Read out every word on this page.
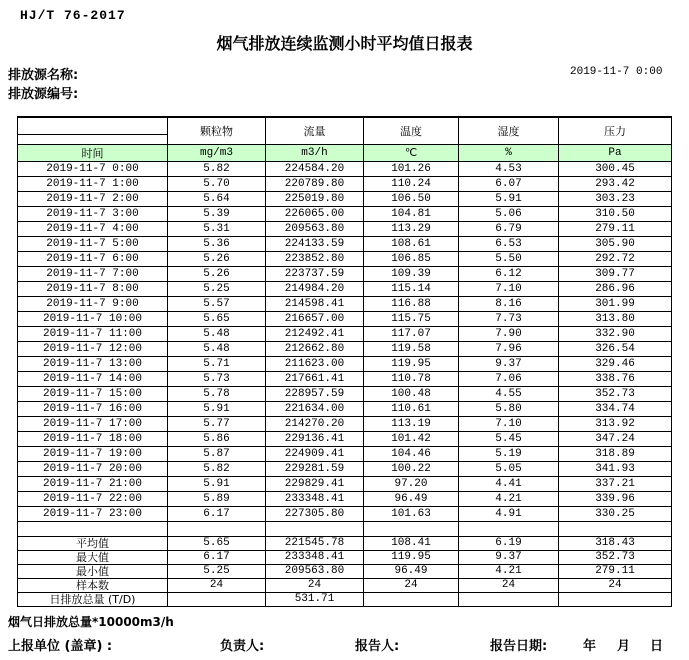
HJ/T 76-2017
烟气排放连续监测小时平均值日报表
排放源名称:
排放源编号:
2019-11-7 0:00
	颗粒物	流量	温度	湿度	压力

时间	mg/m3	m3/h	℃	%	Pa
2019-11-7 0:00	5.82	224584.20	101.26	4.53	300.45
2019-11-7 1:00	5.70	220789.80	110.24	6.07	293.42
2019-11-7 2:00	5.64	225019.80	106.50	5.91	303.23
2019-11-7 3:00	5.39	226065.00	104.81	5.06	310.50
2019-11-7 4:00	5.31	209563.80	113.29	6.79	279.11
2019-11-7 5:00	5.36	224133.59	108.61	6.53	305.90
2019-11-7 6:00	5.26	223852.80	106.85	5.50	292.72
2019-11-7 7:00	5.26	223737.59	109.39	6.12	309.77
2019-11-7 8:00	5.25	214984.20	115.14	7.10	286.96
2019-11-7 9:00	5.57	214598.41	116.88	8.16	301.99
2019-11-7 10:00	5.65	216657.00	115.75	7.73	313.80
2019-11-7 11:00	5.48	212492.41	117.07	7.90	332.90
2019-11-7 12:00	5.48	212662.80	119.58	7.96	326.54
2019-11-7 13:00	5.71	211623.00	119.95	9.37	329.46
2019-11-7 14:00	5.73	217661.41	110.78	7.06	338.76
2019-11-7 15:00	5.78	228957.59	100.48	4.55	352.73
2019-11-7 16:00	5.91	221634.00	110.61	5.80	334.74
2019-11-7 17:00	5.77	214270.20	113.19	7.10	313.92
2019-11-7 18:00	5.86	229136.41	101.42	5.45	347.24
2019-11-7 19:00	5.87	224909.41	104.46	5.19	318.89
2019-11-7 20:00	5.82	229281.59	100.22	5.05	341.93
2019-11-7 21:00	5.91	229829.41	97.20	4.41	337.21
2019-11-7 22:00	5.89	233348.41	96.49	4.21	339.96
2019-11-7 23:00	6.17	227305.80	101.63	4.91	330.25

平均值	5.65	221545.78	108.41	6.19	318.43
最大值	6.17	233348.41	119.95	9.37	352.73
最小值	5.25	209563.80	96.49	4.21	279.11
样本数	24	24	24	24	24
日排放总量 (T/D)		531.71			
烟气日排放总量*10000m3/h
上报单位 (盖章) :	负责人:	报告人:	报告日期:	年 月 日
